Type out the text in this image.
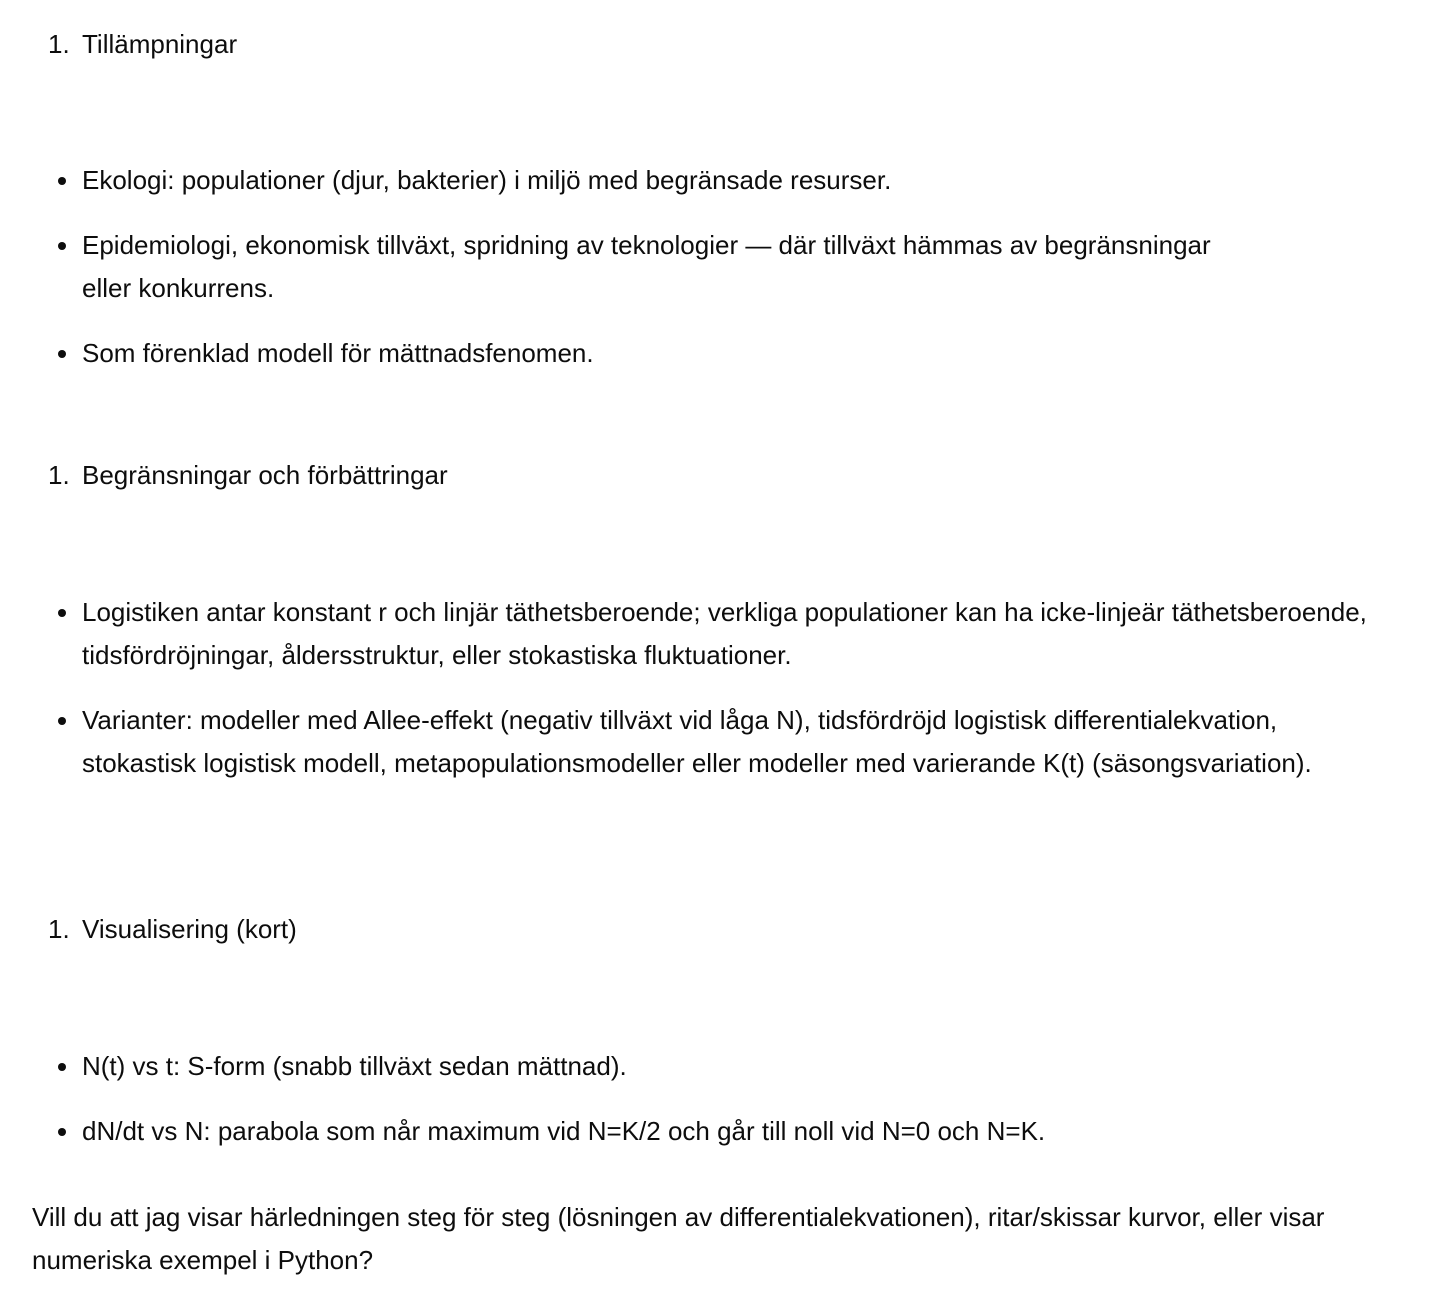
1. Tillämpningar
Ekologi: populationer (djur, bakterier) i miljö med begränsade resurser.
Epidemiologi, ekonomisk tillväxt, spridning av teknologier — där tillväxt hämmas av begränsningar eller konkurrens.
Som förenklad modell för mättnadsfenomen.
1. Begränsningar och förbättringar
Logistiken antar konstant r och linjär täthetsberoende; verkliga populationer kan ha icke-linjeär täthetsberoende, tidsfördröjningar, åldersstruktur, eller stokastiska fluktuationer.
Varianter: modeller med Allee-effekt (negativ tillväxt vid låga N), tidsfördröjd logistisk differentialekvation, stokastisk logistisk modell, metapopulationsmodeller eller modeller med varierande K(t) (säsongsvariation).
1. Visualisering (kort)
N(t) vs t: S-form (snabb tillväxt sedan mättnad).
dN/dt vs N: parabola som når maximum vid N=K/2 och går till noll vid N=0 och N=K.

Vill du att jag visar härledningen steg för steg (lösningen av differentialekvationen), ritar/skissar kurvor, eller visar numeriska exempel i Python?
